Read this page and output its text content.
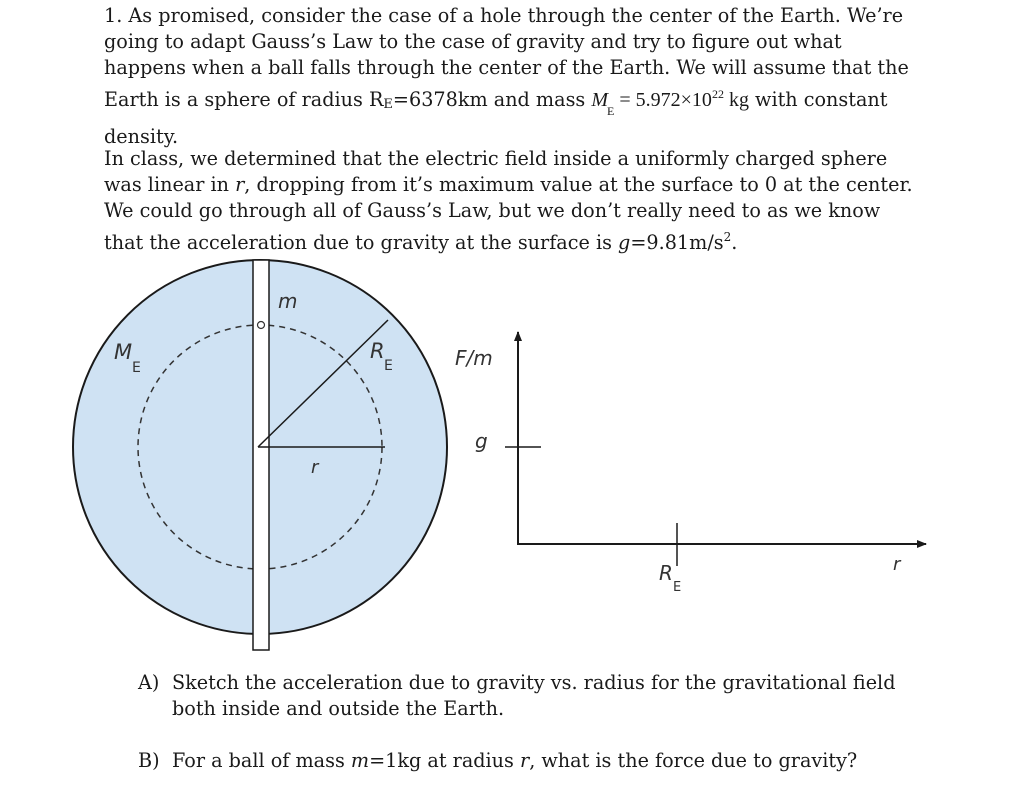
1. As promised, consider the case of a hole through the center of the Earth. We’re going to adapt Gauss’s Law to the case of gravity and try to figure out what happens when a ball falls through the center of the Earth. We will assume that the Earth is a sphere of radius RE=6378km and mass $M_E = 5.972\times 10^{22}$ kg with constant density.

In class, we determined that the electric field inside a uniformly charged sphere was linear in r, dropping from it’s maximum value at the surface to 0 at the center. We could go through all of Gauss’s Law, but we don’t really need to as we know that the acceleration due to gravity at the surface is $g=9.81m/s^2$.

m
M
E
R
E
r
F/m
g
R
E
r

A) Sketch the acceleration due to gravity vs. radius for the gravitational field both inside and outside the Earth.

B) For a ball of mass m=1kg at radius r, what is the force due to gravity?
